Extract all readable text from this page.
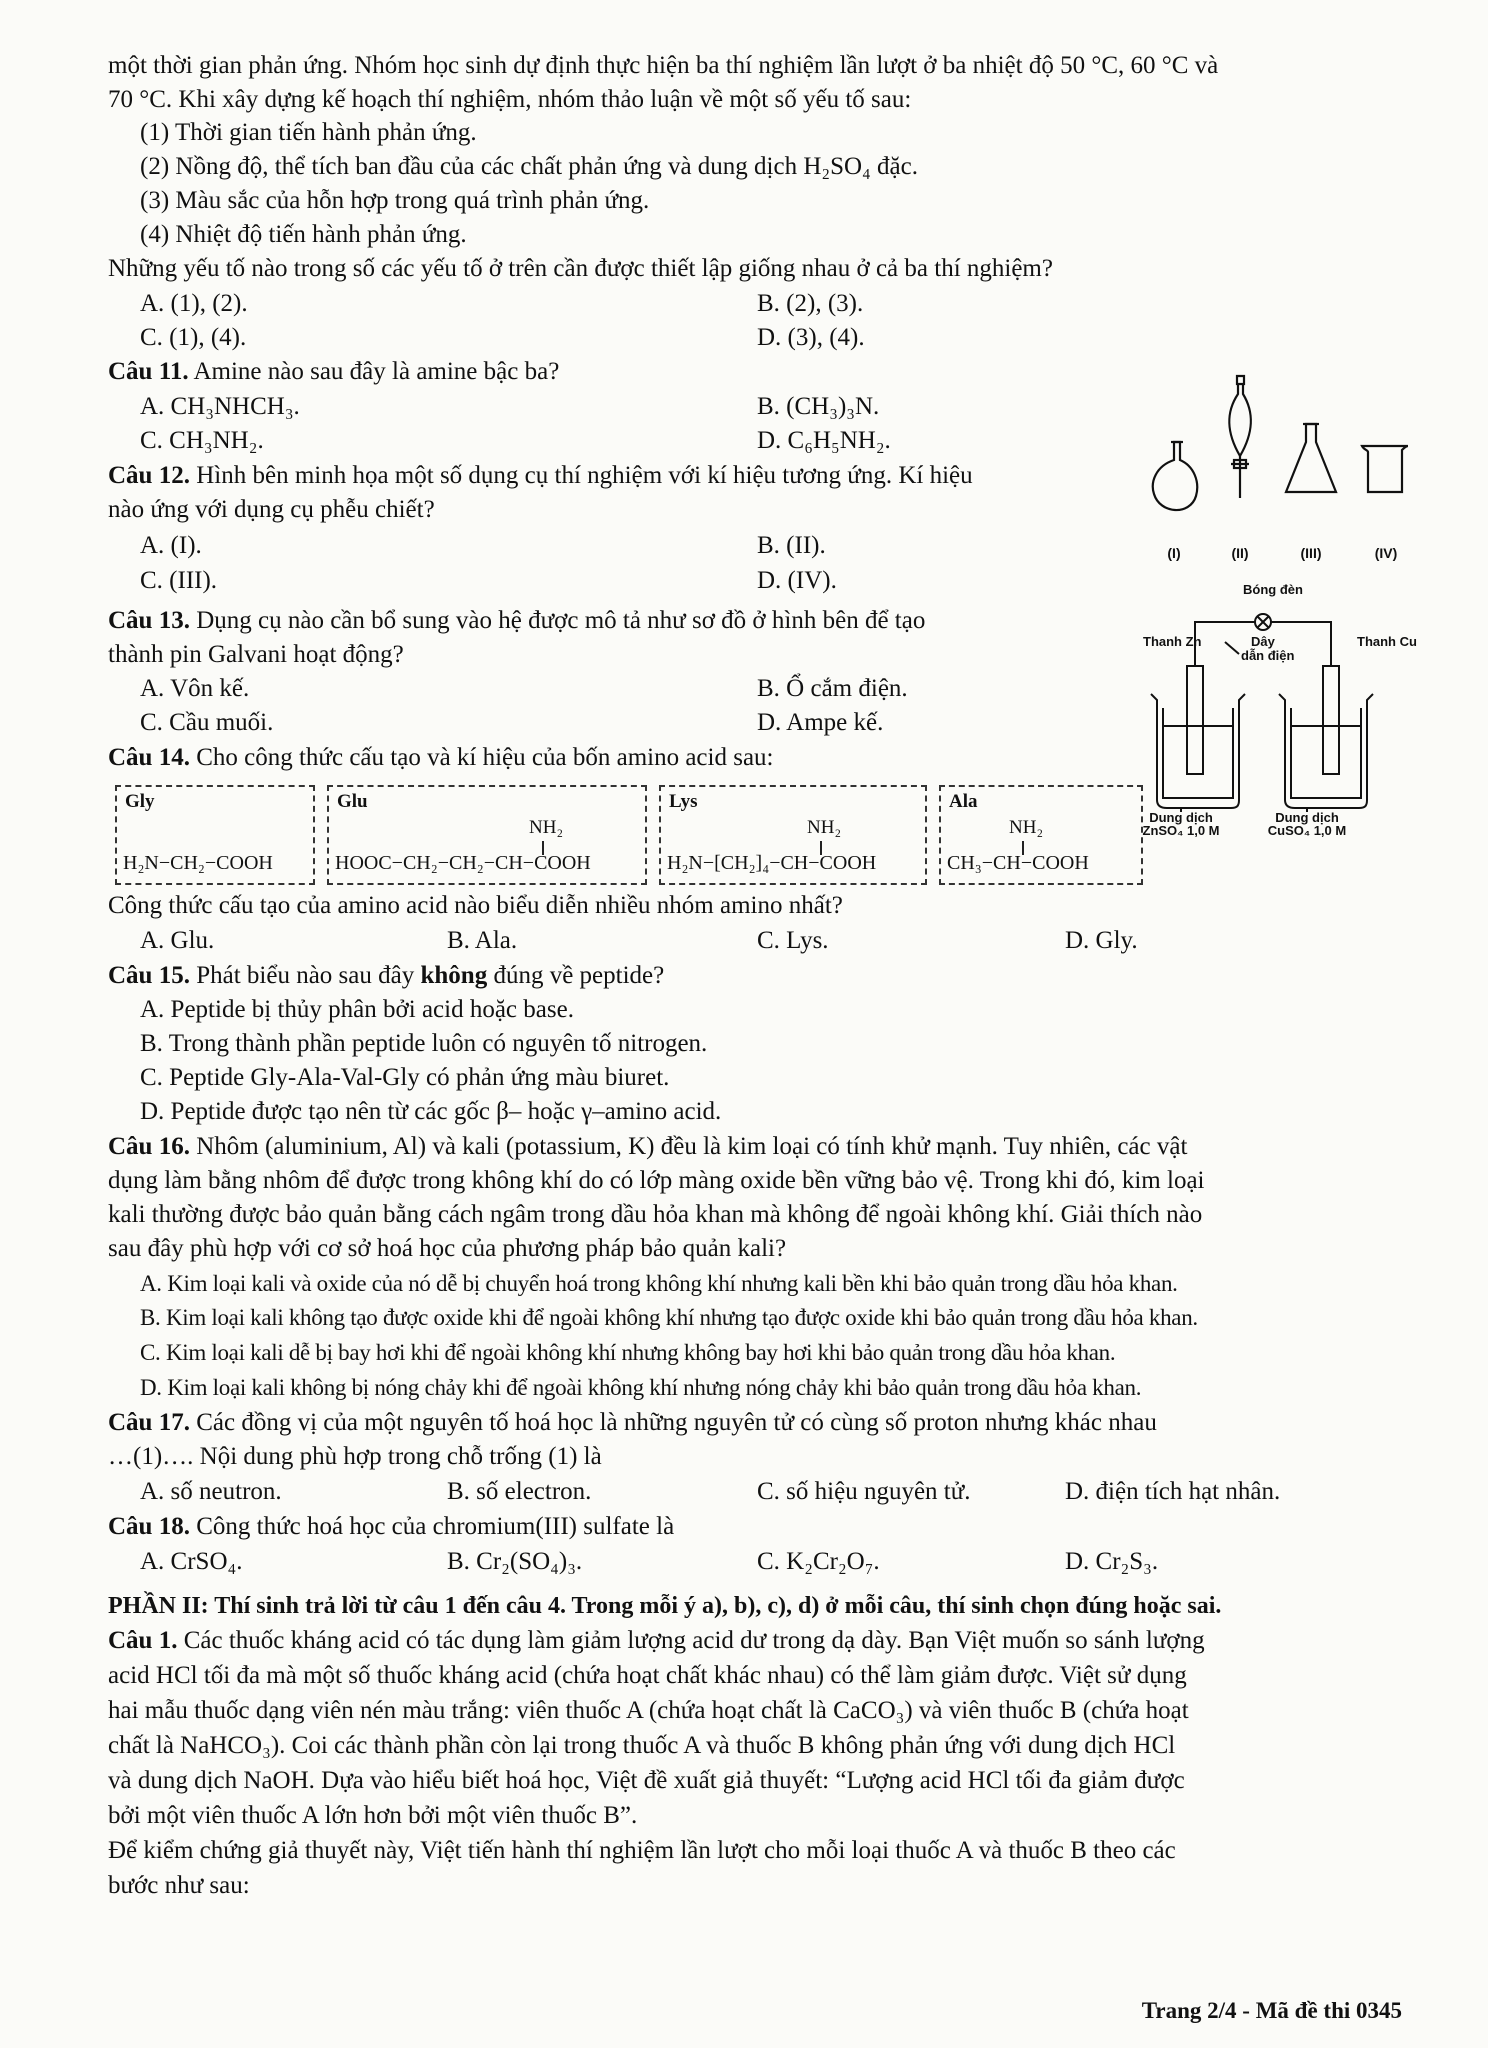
một thời gian phản ứng. Nhóm học sinh dự định thực hiện ba thí nghiệm lần lượt ở ba nhiệt độ 50 °C, 60 °C và
70 °C. Khi xây dựng kế hoạch thí nghiệm, nhóm thảo luận về một số yếu tố sau:
(1) Thời gian tiến hành phản ứng.
(2) Nồng độ, thể tích ban đầu của các chất phản ứng và dung dịch H₂SO₄ đặc.
(3) Màu sắc của hỗn hợp trong quá trình phản ứng.
(4) Nhiệt độ tiến hành phản ứng.
Những yếu tố nào trong số các yếu tố ở trên cần được thiết lập giống nhau ở cả ba thí nghiệm?
A. (1), (2).	B. (2), (3).
C. (1), (4).	D. (3), (4).
Câu 11. Amine nào sau đây là amine bậc ba?
A. CH₃NHCH₃.	B. (CH₃)₃N.
C. CH₃NH₂.	D. C₆H₅NH₂.
Câu 12. Hình bên minh họa một số dụng cụ thí nghiệm với kí hiệu tương ứng. Kí hiệu
nào ứng với dụng cụ phễu chiết?
A. (I).	B. (II).
C. (III).	D. (IV).
(I)	(II)	(III)	(IV)
Câu 13. Dụng cụ nào cần bổ sung vào hệ được mô tả như sơ đồ ở hình bên để tạo
thành pin Galvani hoạt động?
A. Vôn kế.	B. Ổ cắm điện.
C. Cầu muối.	D. Ampe kế.
Bóng đèn
Thanh Zn	Dây
dẫn điện
Thanh Cu
Dung dịch
ZnSO₄ 1,0 M
Dung dịch
CuSO₄ 1,0 M
Câu 14. Cho công thức cấu tạo và kí hiệu của bốn amino acid sau:
Gly
H₂N−CH₂−COOH
Glu
NH₂
HOOC−CH₂−CH₂−CH−COOH
Lys
NH₂
H₂N−[CH₂]₄−CH−COOH
Ala
NH₂
CH₃−CH−COOH
Công thức cấu tạo của amino acid nào biểu diễn nhiều nhóm amino nhất?
A. Glu.	B. Ala.	C. Lys.	D. Gly.
Câu 15. Phát biểu nào sau đây không đúng về peptide?
A. Peptide bị thủy phân bởi acid hoặc base.
B. Trong thành phần peptide luôn có nguyên tố nitrogen.
C. Peptide Gly-Ala-Val-Gly có phản ứng màu biuret.
D. Peptide được tạo nên từ các gốc β– hoặc γ–amino acid.
Câu 16. Nhôm (aluminium, Al) và kali (potassium, K) đều là kim loại có tính khử mạnh. Tuy nhiên, các vật
dụng làm bằng nhôm để được trong không khí do có lớp màng oxide bền vững bảo vệ. Trong khi đó, kim loại
kali thường được bảo quản bằng cách ngâm trong dầu hỏa khan mà không để ngoài không khí. Giải thích nào
sau đây phù hợp với cơ sở hoá học của phương pháp bảo quản kali?
A. Kim loại kali và oxide của nó dễ bị chuyển hoá trong không khí nhưng kali bền khi bảo quản trong dầu hỏa khan.
B. Kim loại kali không tạo được oxide khi để ngoài không khí nhưng tạo được oxide khi bảo quản trong dầu hỏa khan.
C. Kim loại kali dễ bị bay hơi khi để ngoài không khí nhưng không bay hơi khi bảo quản trong dầu hỏa khan.
D. Kim loại kali không bị nóng chảy khi để ngoài không khí nhưng nóng chảy khi bảo quản trong dầu hỏa khan.
Câu 17. Các đồng vị của một nguyên tố hoá học là những nguyên tử có cùng số proton nhưng khác nhau
…(1)…. Nội dung phù hợp trong chỗ trống (1) là
A. số neutron.	B. số electron.	C. số hiệu nguyên tử.	D. điện tích hạt nhân.
Câu 18. Công thức hoá học của chromium(III) sulfate là
A. CrSO₄.	B. Cr₂(SO₄)₃.	C. K₂Cr₂O₇.	D. Cr₂S₃.
PHẦN II: Thí sinh trả lời từ câu 1 đến câu 4. Trong mỗi ý a), b), c), d) ở mỗi câu, thí sinh chọn đúng hoặc sai.
Câu 1. Các thuốc kháng acid có tác dụng làm giảm lượng acid dư trong dạ dày. Bạn Việt muốn so sánh lượng
acid HCl tối đa mà một số thuốc kháng acid (chứa hoạt chất khác nhau) có thể làm giảm được. Việt sử dụng
hai mẫu thuốc dạng viên nén màu trắng: viên thuốc A (chứa hoạt chất là CaCO₃) và viên thuốc B (chứa hoạt
chất là NaHCO₃). Coi các thành phần còn lại trong thuốc A và thuốc B không phản ứng với dung dịch HCl
và dung dịch NaOH. Dựa vào hiểu biết hoá học, Việt đề xuất giả thuyết: “Lượng acid HCl tối đa giảm được
bởi một viên thuốc A lớn hơn bởi một viên thuốc B”.
Để kiểm chứng giả thuyết này, Việt tiến hành thí nghiệm lần lượt cho mỗi loại thuốc A và thuốc B theo các
bước như sau:
Trang 2/4 - Mã đề thi 0345
